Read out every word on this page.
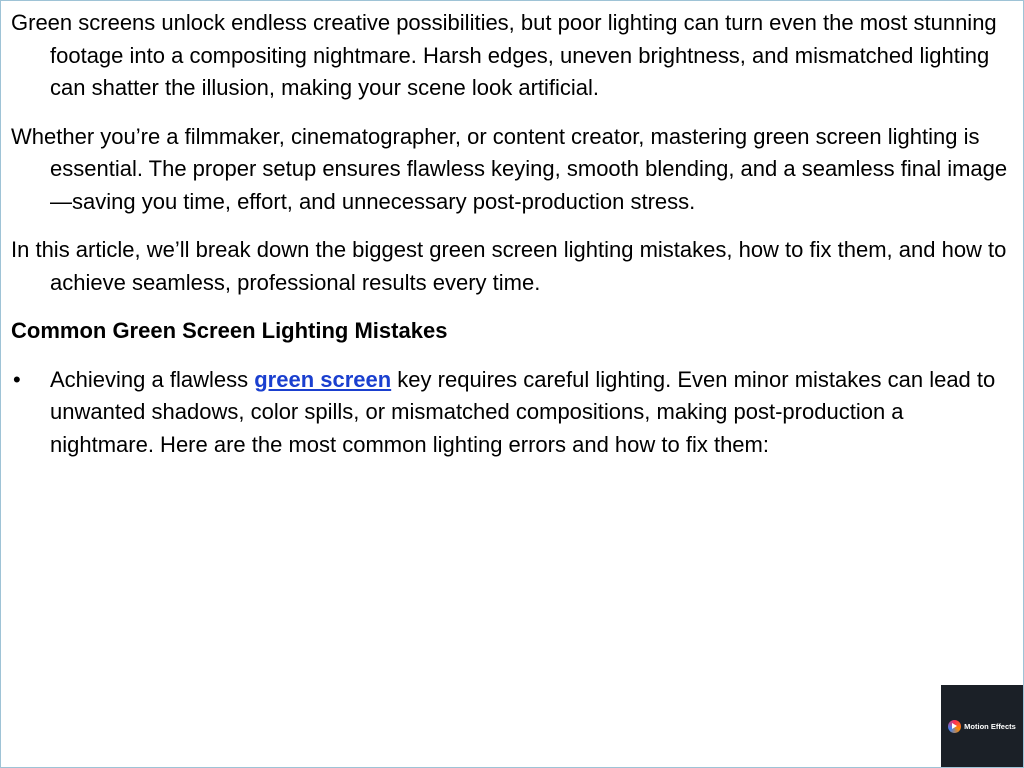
Green screens unlock endless creative possibilities, but poor lighting can turn even the most stunning footage into a compositing nightmare. Harsh edges, uneven brightness, and mismatched lighting can shatter the illusion, making your scene look artificial.

Whether you’re a filmmaker, cinematographer, or content creator, mastering green screen lighting is essential. The proper setup ensures flawless keying, smooth blending, and a seamless final image—saving you time, effort, and unnecessary post-production stress.

In this article, we’ll break down the biggest green screen lighting mistakes, how to fix them, and how to achieve seamless, professional results every time.

Common Green Screen Lighting Mistakes

• Achieving a flawless green screen key requires careful lighting. Even minor mistakes can lead to unwanted shadows, color spills, or mismatched compositions, making post-production a nightmare. Here are the most common lighting errors and how to fix them:
Motion Effects
